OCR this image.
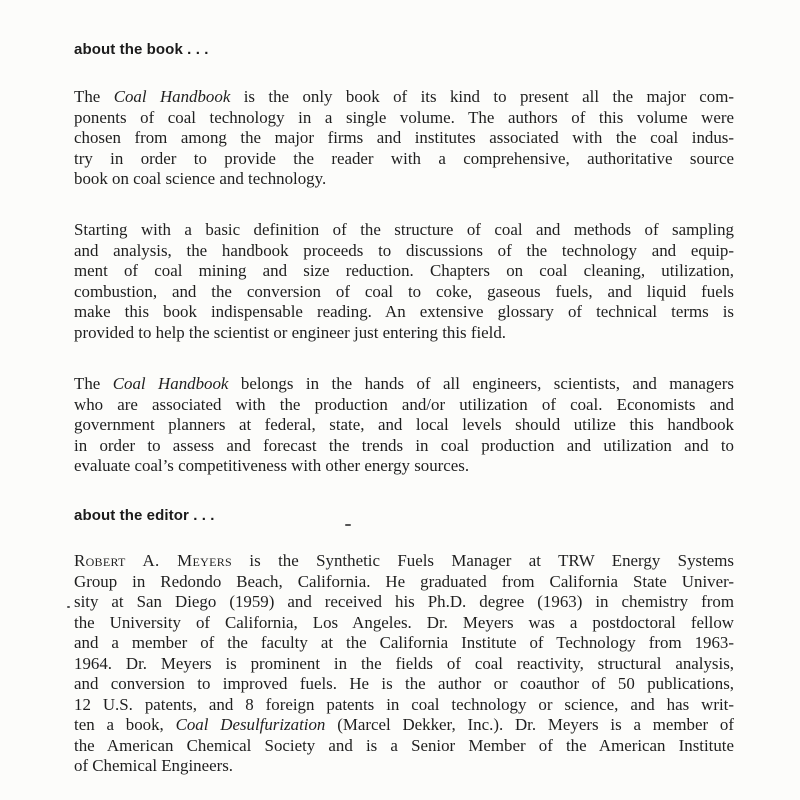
about the book . . .
The Coal Handbook is the only book of its kind to present all the major com-
ponents of coal technology in a single volume. The authors of this volume were
chosen from among the major firms and institutes associated with the coal indus-
try in order to provide the reader with a comprehensive, authoritative source
book on coal science and technology.
Starting with a basic definition of the structure of coal and methods of sampling
and analysis, the handbook proceeds to discussions of the technology and equip-
ment of coal mining and size reduction. Chapters on coal cleaning, utilization,
combustion, and the conversion of coal to coke, gaseous fuels, and liquid fuels
make this book indispensable reading. An extensive glossary of technical terms is
provided to help the scientist or engineer just entering this field.
The Coal Handbook belongs in the hands of all engineers, scientists, and managers
who are associated with the production and/or utilization of coal. Economists and
government planners at federal, state, and local levels should utilize this handbook
in order to assess and forecast the trends in coal production and utilization and to
evaluate coal’s competitiveness with other energy sources.
about the editor . . .
Robert A. Meyers is the Synthetic Fuels Manager at TRW Energy Systems
Group in Redondo Beach, California. He graduated from California State Univer-
sity at San Diego (1959) and received his Ph.D. degree (1963) in chemistry from
the University of California, Los Angeles. Dr. Meyers was a postdoctoral fellow
and a member of the faculty at the California Institute of Technology from 1963-
1964. Dr. Meyers is prominent in the fields of coal reactivity, structural analysis,
and conversion to improved fuels. He is the author or coauthor of 50 publications,
12 U.S. patents, and 8 foreign patents in coal technology or science, and has writ-
ten a book, Coal Desulfurization (Marcel Dekker, Inc.). Dr. Meyers is a member of
the American Chemical Society and is a Senior Member of the American Institute
of Chemical Engineers.
